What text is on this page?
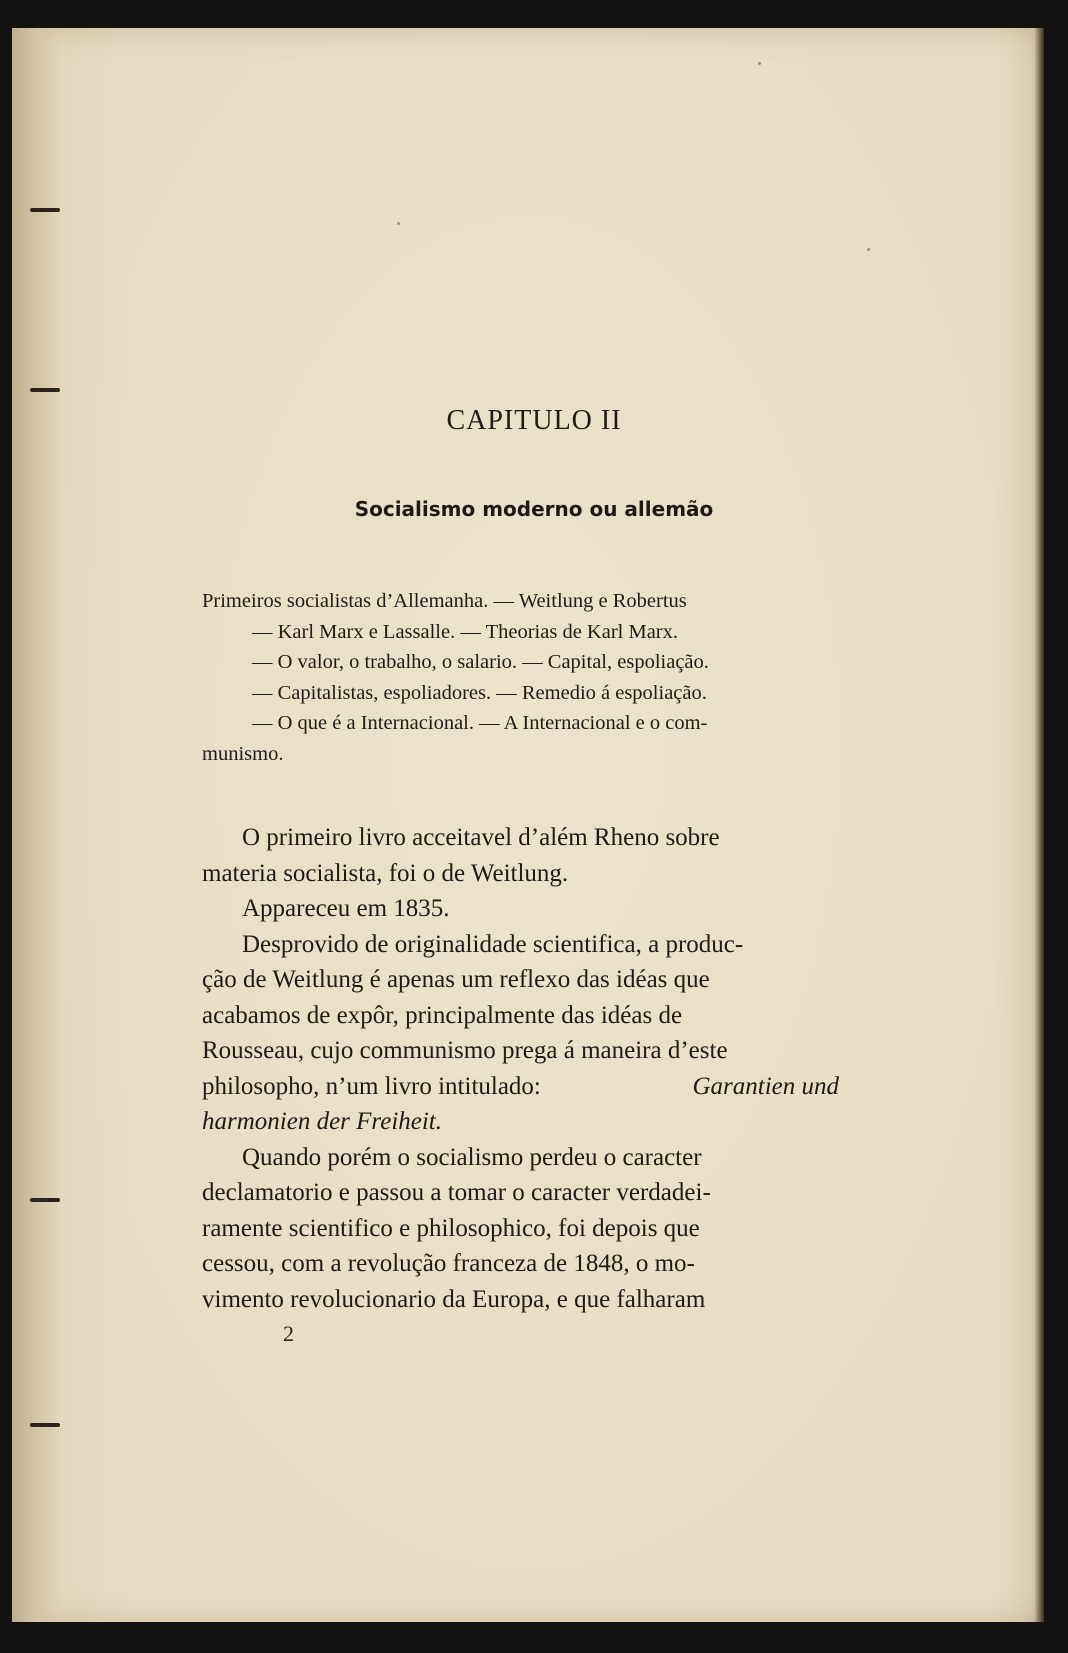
CAPITULO II
Socialismo moderno ou allemão
Primeiros socialistas d’Allemanha. — Weitlung e Robertus
— Karl Marx e Lassalle. — Theorias de Karl Marx.
— O valor, o trabalho, o salario. — Capital, espoliação.
— Capitalistas, espoliadores. — Remedio á espoliação.
— O que é a Internacional. — A Internacional e o com-
munismo.
O primeiro livro acceitavel d’além Rheno sobre
materia socialista, foi o de Weitlung.
Appareceu em 1835.
Desprovido de originalidade scientifica, a produc-
ção de Weitlung é apenas um reflexo das idéas que
acabamos de expôr, principalmente das idéas de
Rousseau, cujo communismo prega á maneira d’este
philosopho, n’um livro intitulado:	Garantien und
harmonien der Freiheit.
Quando porém o socialismo perdeu o caracter
declamatorio e passou a tomar o caracter verdadei-
ramente scientifico e philosophico, foi depois que
cessou, com a revolução franceza de 1848, o mo-
vimento revolucionario da Europa, e que falharam
2
